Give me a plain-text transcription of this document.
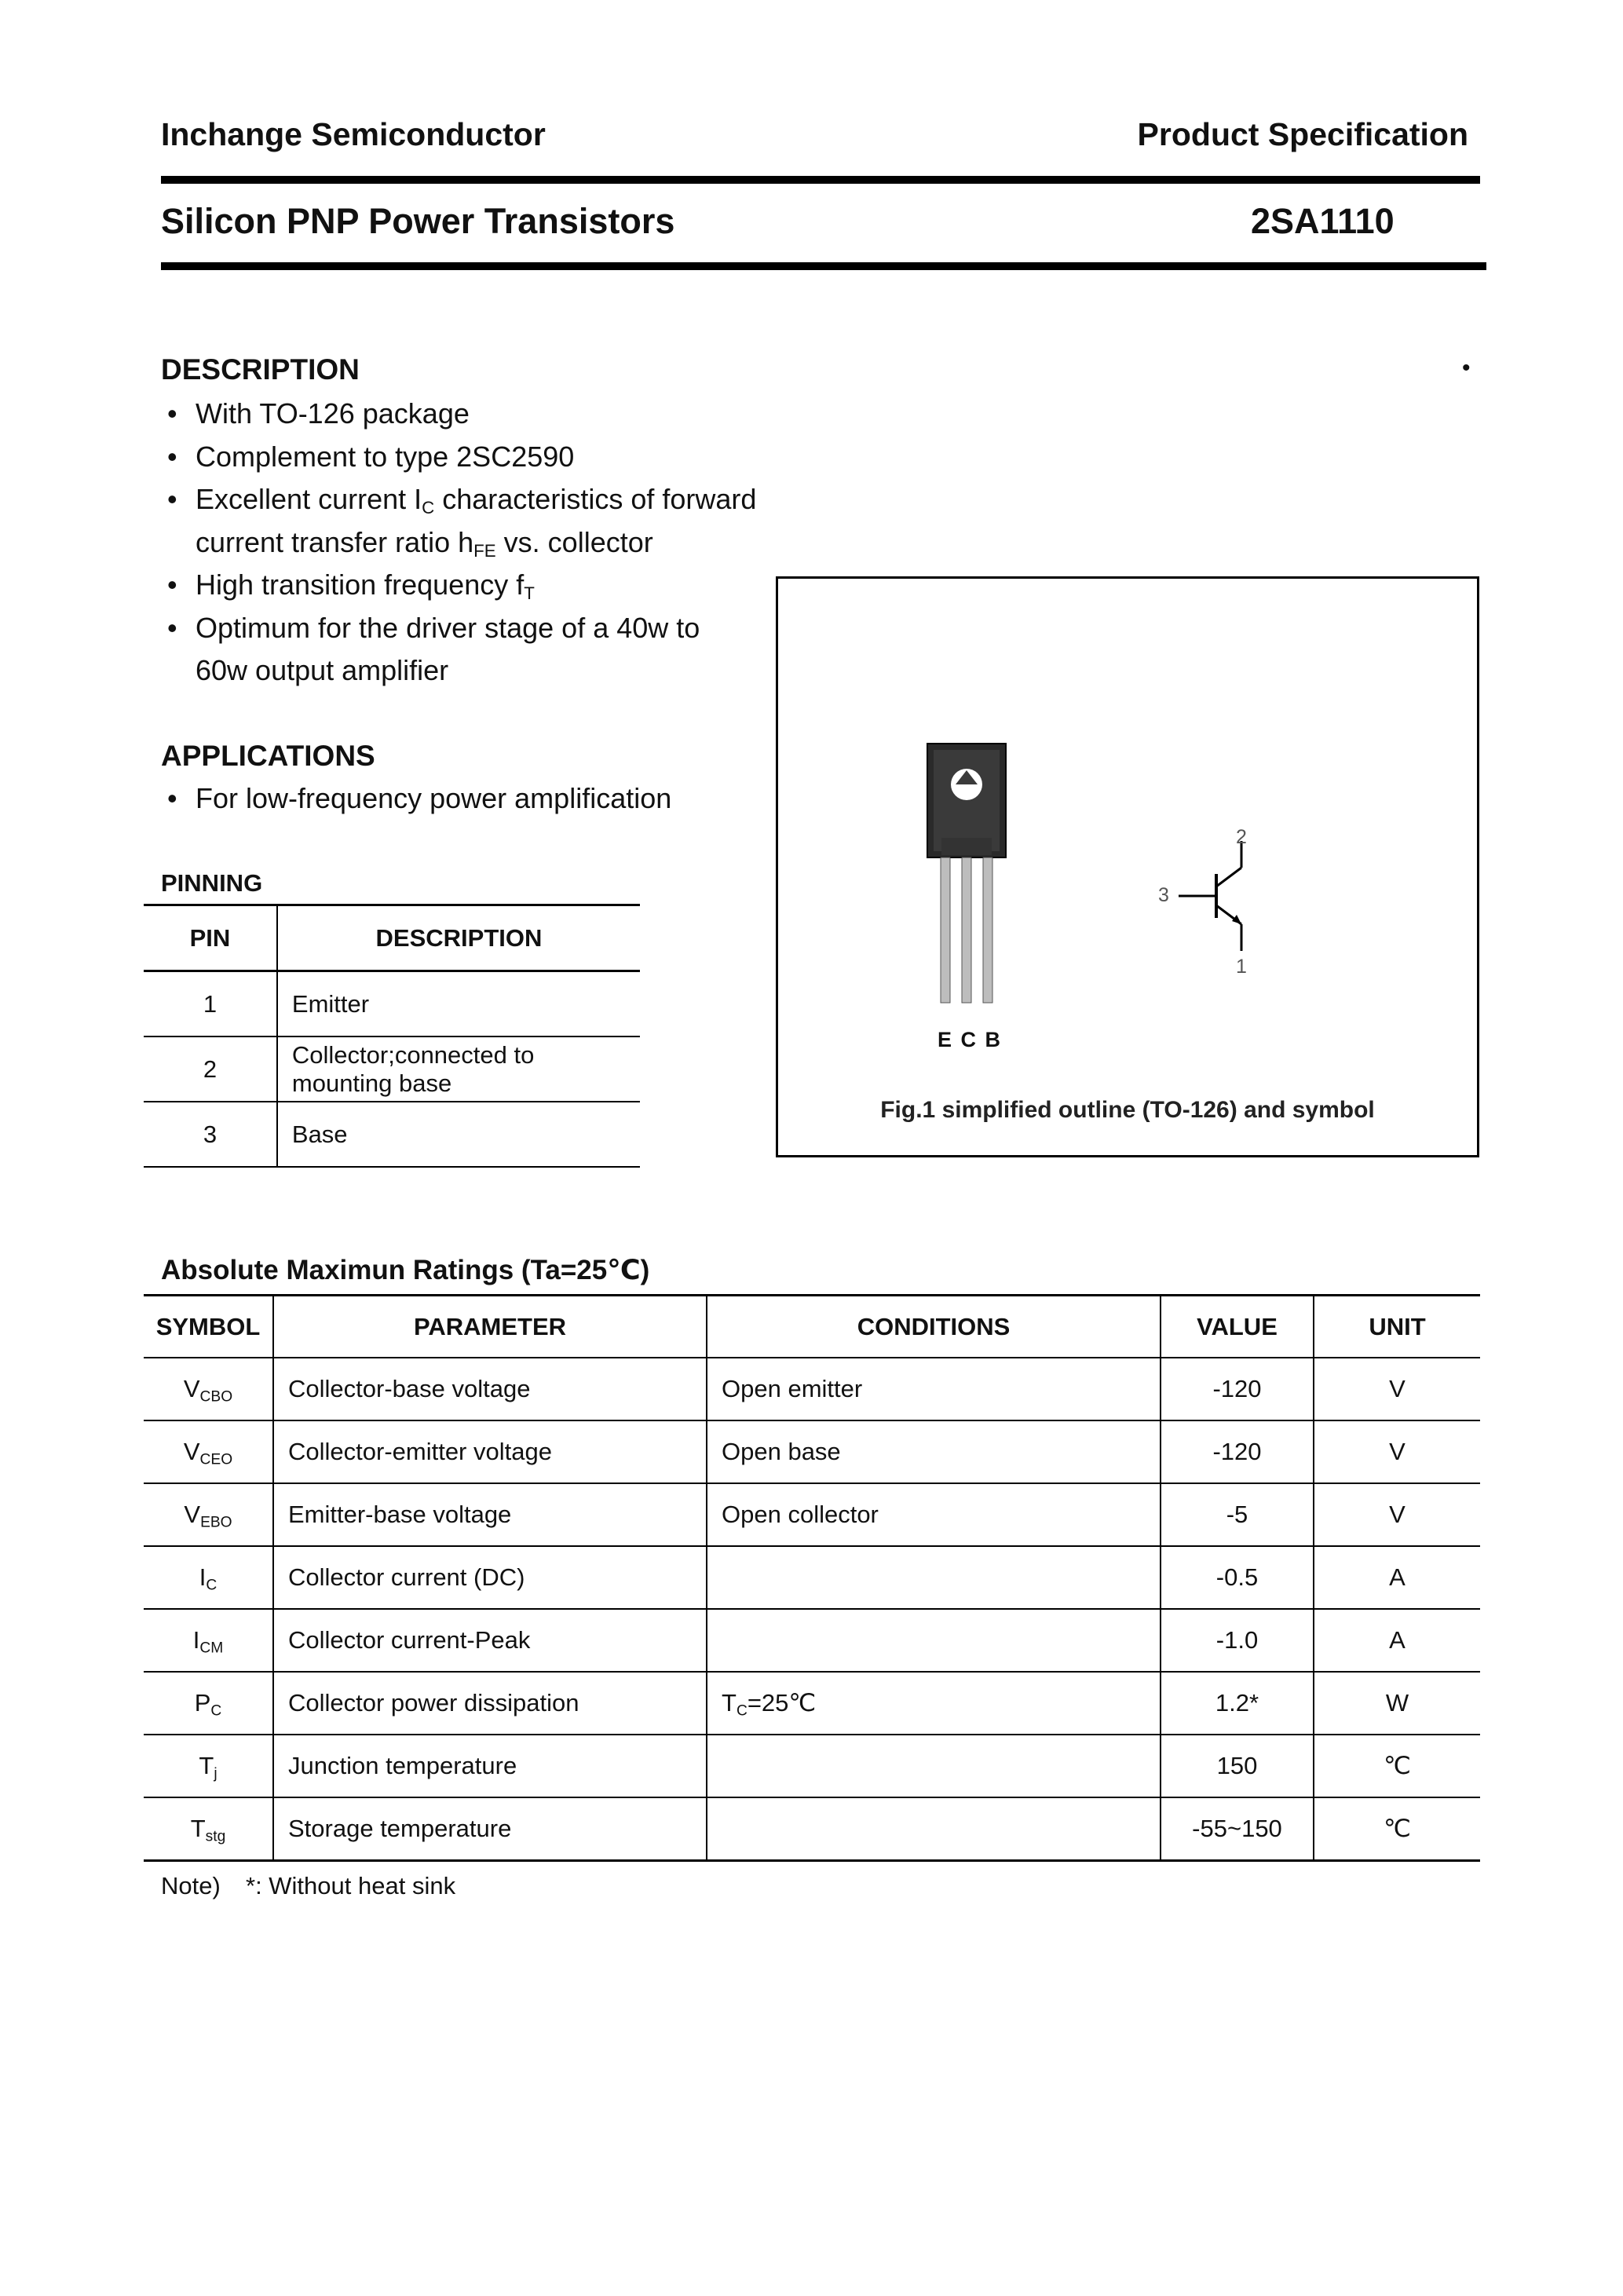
Inchange Semiconductor	Product Specification
Silicon PNP Power Transistors	2SA1110
DESCRIPTION	•
• With TO-126 package
• Complement to type 2SC2590
• Excellent current $I_C$ characteristics of forward
current transfer ratio $h_{FE}$ vs. collector
• High transition frequency $f_T$
• Optimum for the driver stage of a 40w to
60w output amplifier
APPLICATIONS
• For low-frequency power amplification
PINNING
PIN	DESCRIPTION
1	Emitter
2	Collector;connected to mounting base

3	Base
2
3
1
E C B
Fig.1 simplified outline (TO-126) and symbol
Absolute Maximun Ratings (Ta=25℃)
SYMBOL	PARAMETER	CONDITIONS	VALUE	UNIT
$V_{CBO}$	Collector-base voltage	Open emitter	-120	V
$V_{CEO}$	Collector-emitter voltage	Open base	-120	V
$V_{EBO}$	Emitter-base voltage	Open collector	-5	V
$I_C$	Collector current (DC)		-0.5	A
$I_{CM}$	Collector current-Peak		-1.0	A
$P_C$	Collector power dissipation	$T_C=25℃$	1.2*	W
$T_j$	Junction temperature		150	℃
$T_{stg}$	Storage temperature		-55~150	℃
Note) *: Without heat sink
